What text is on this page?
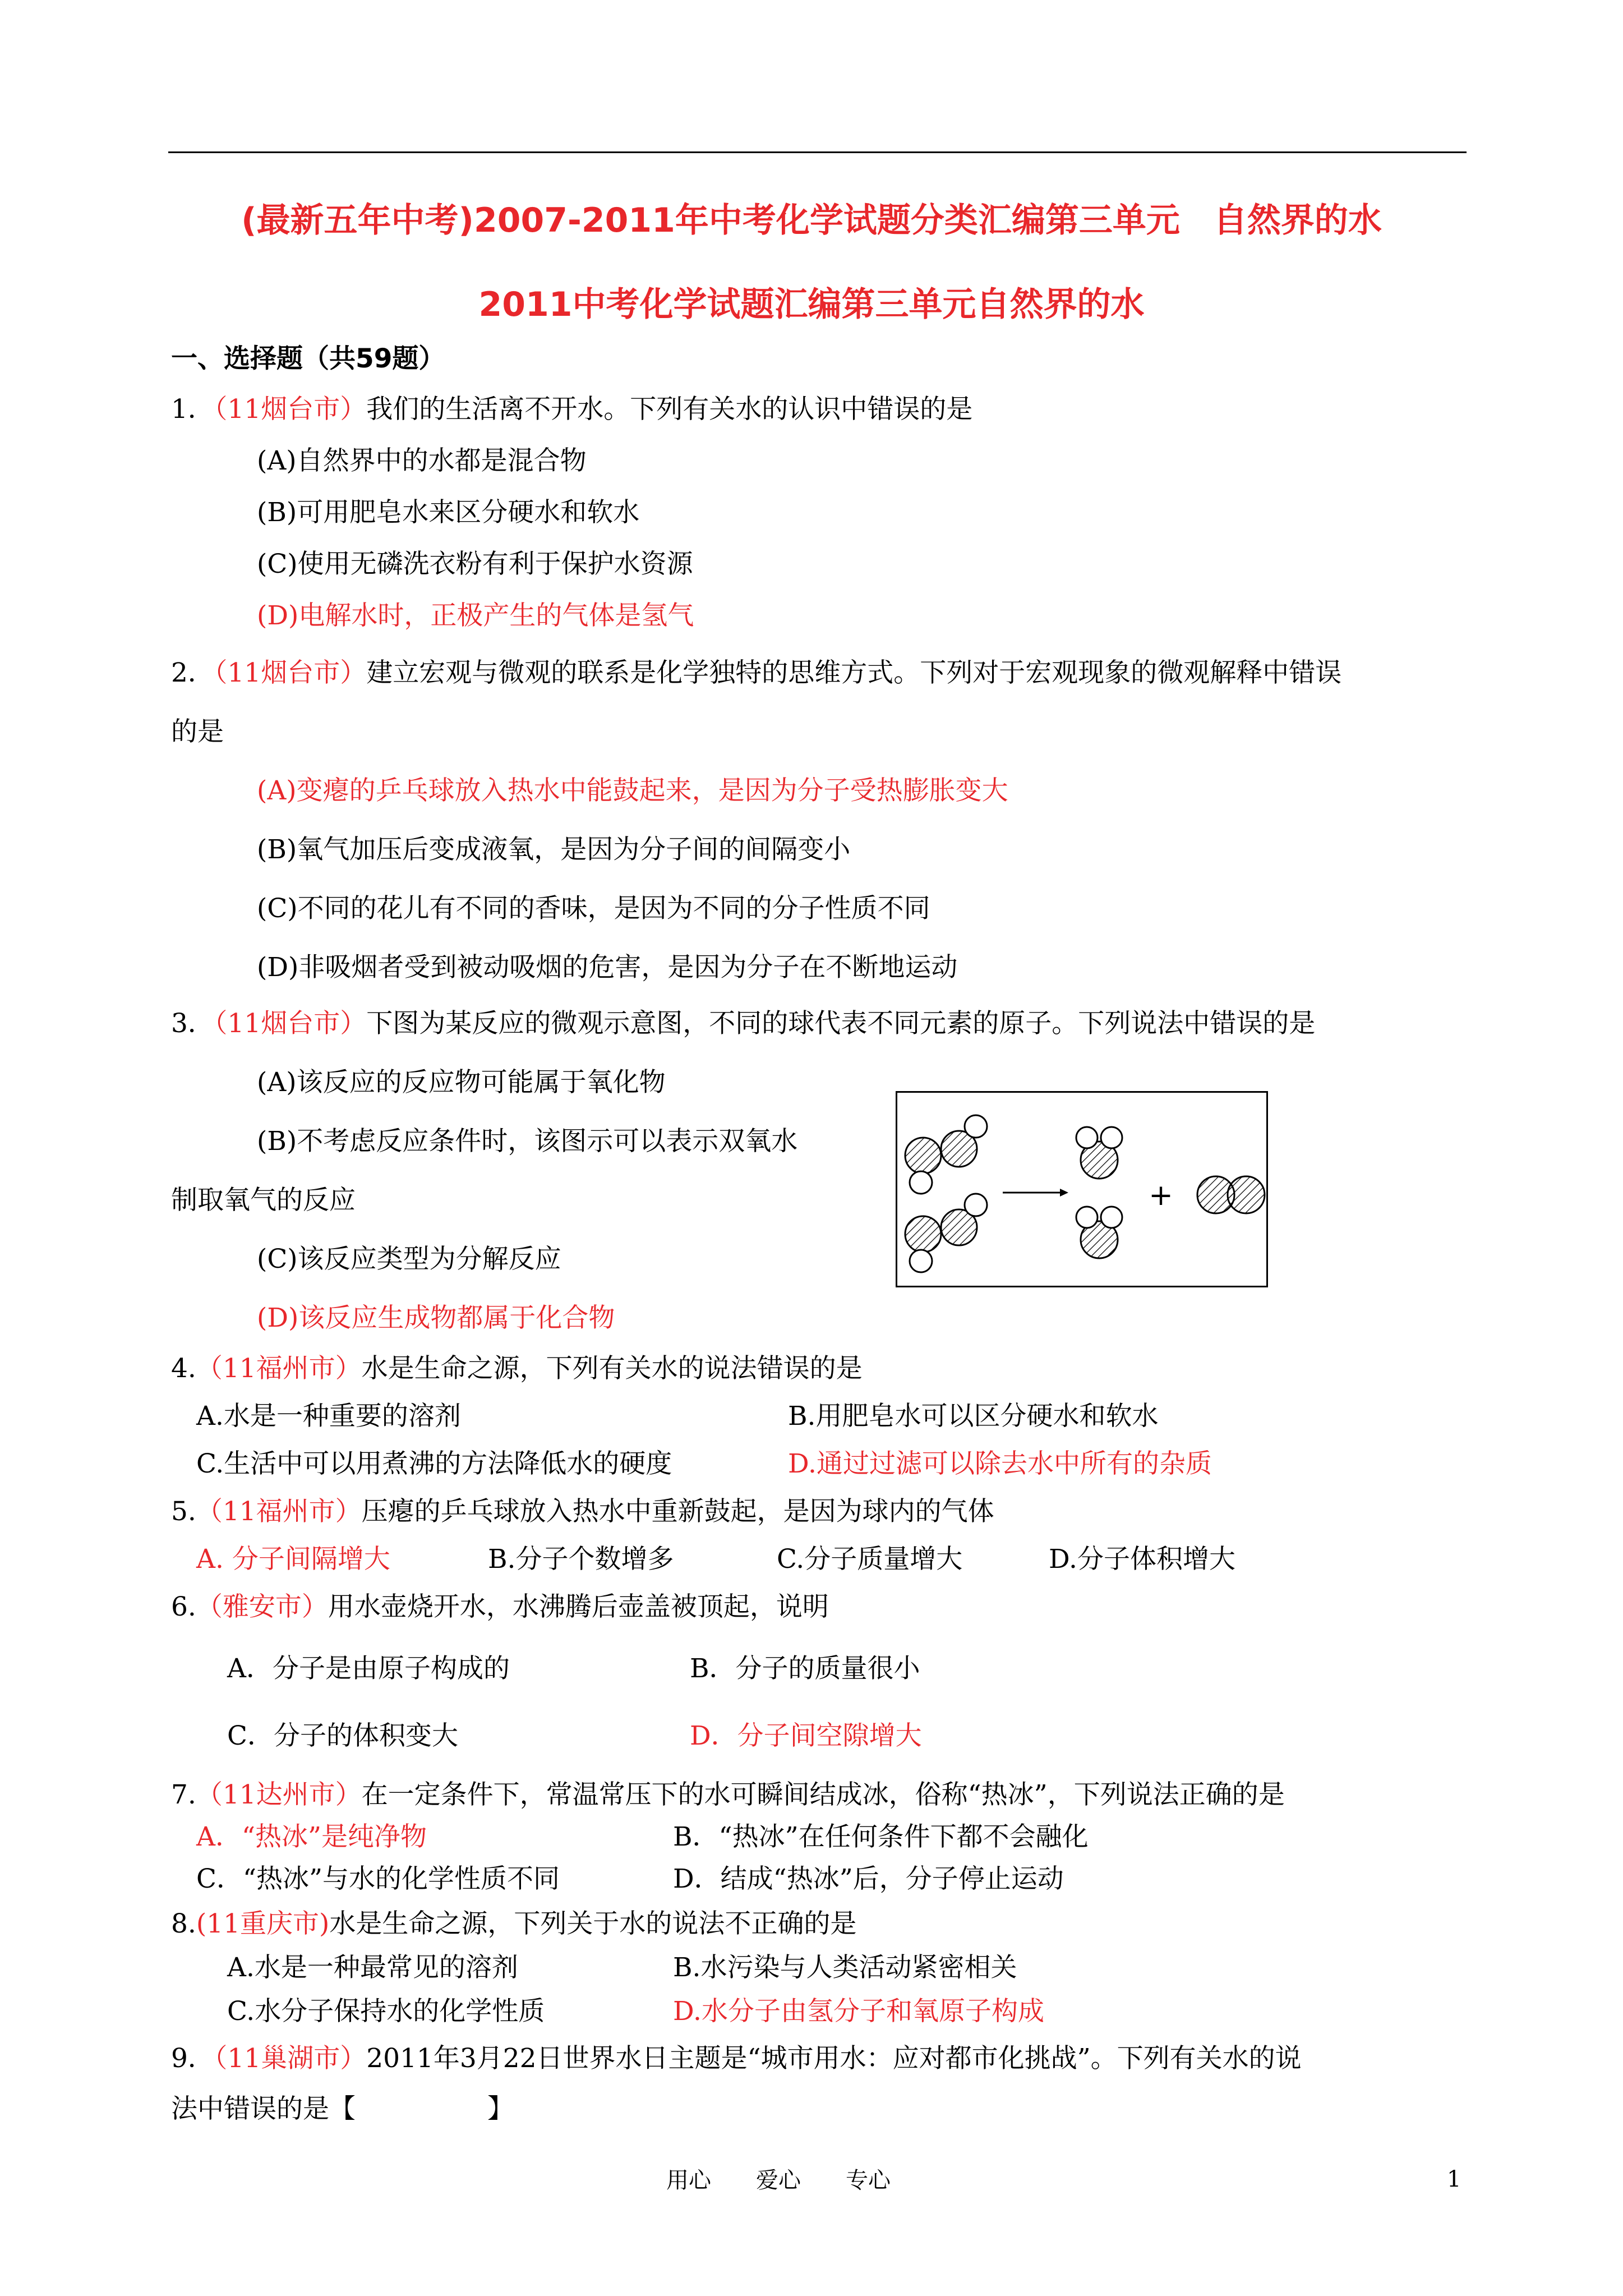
(最新五年中考)2007-2011年中考化学试题分类汇编第三单元　自然界的水
2011中考化学试题汇编第三单元自然界的水
一、选择题（共59题）
1．（11烟台市）我们的生活离不开水。下列有关水的认识中错误的是
(A)自然界中的水都是混合物
(B)可用肥皂水来区分硬水和软水
(C)使用无磷洗衣粉有利于保护水资源
(D)电解水时，正极产生的气体是氢气
2．（11烟台市）建立宏观与微观的联系是化学独特的思维方式。下列对于宏观现象的微观解释中错误
的是
(A)变瘪的乒乓球放入热水中能鼓起来，是因为分子受热膨胀变大
(B)氧气加压后变成液氧，是因为分子间的间隔变小
(C)不同的花儿有不同的香味，是因为不同的分子性质不同
(D)非吸烟者受到被动吸烟的危害，是因为分子在不断地运动
3．（11烟台市）下图为某反应的微观示意图，不同的球代表不同元素的原子。下列说法中错误的是
(A)该反应的反应物可能属于氧化物
(B)不考虑反应条件时，该图示可以表示双氧水
制取氧气的反应
(C)该反应类型为分解反应
(D)该反应生成物都属于化合物
+
4.（11福州市）水是生命之源，下列有关水的说法错误的是
A.水是一种重要的溶剂	B.用肥皂水可以区分硬水和软水
C.生活中可以用煮沸的方法降低水的硬度	D.通过过滤可以除去水中所有的杂质
5.（11福州市）压瘪的乒乓球放入热水中重新鼓起，是因为球内的气体
A. 分子间隔增大	B.分子个数增多	C.分子质量增大	D.分子体积增大
6.（雅安市）用水壶烧开水，水沸腾后壶盖被顶起，说明
A．分子是由原子构成的	B．分子的质量很小
C．分子的体积变大	D．分子间空隙增大
7.（11达州市）在一定条件下，常温常压下的水可瞬间结成冰，俗称“热冰”，下列说法正确的是
A．“热冰”是纯净物	B．“热冰”在任何条件下都不会融化
C．“热冰”与水的化学性质不同	D．结成“热冰”后，分子停止运动
8.(11重庆市)水是生命之源，下列关于水的说法不正确的是
A.水是一种最常见的溶剂	B.水污染与人类活动紧密相关
C.水分子保持水的化学性质	D.水分子由氢分子和氧原子构成
9．（11巢湖市）2011年3月22日世界水日主题是“城市用水：应对都市化挑战”。下列有关水的说
法中错误的是【　　　　　】
用心　　爱心　　专心	1
